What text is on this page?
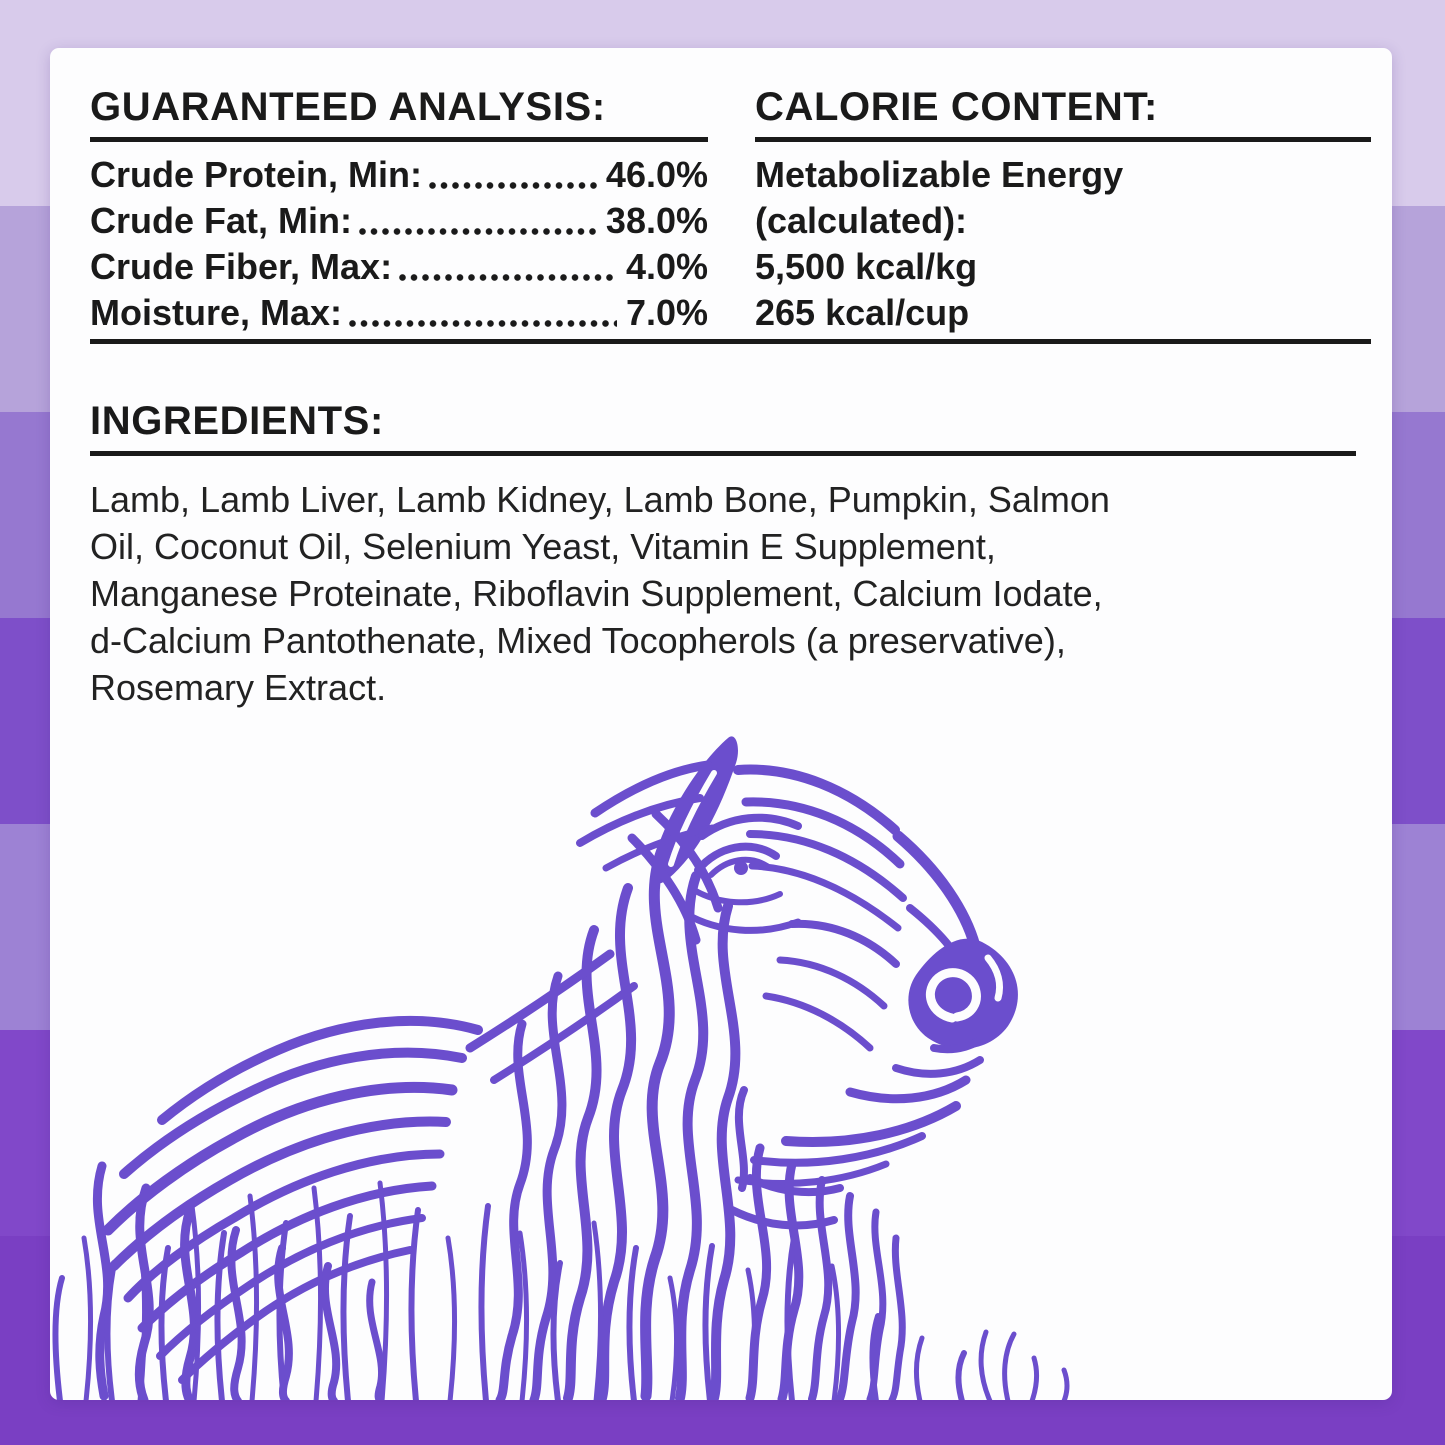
GUARANTEED ANALYSIS:
Crude Protein, Min:	46.0%
Crude Fat, Min:	38.0%
Crude Fiber, Max:	4.0%
Moisture, Max:	7.0%
CALORIE CONTENT:
Metabolizable Energy
(calculated):
5,500 kcal/kg
265 kcal/cup
INGREDIENTS:
Lamb, Lamb Liver, Lamb Kidney, Lamb Bone, Pumpkin, Salmon
Oil, Coconut Oil, Selenium Yeast, Vitamin E Supplement,
Manganese Proteinate, Riboflavin Supplement, Calcium Iodate,
d-Calcium Pantothenate, Mixed Tocopherols (a preservative),
Rosemary Extract.
